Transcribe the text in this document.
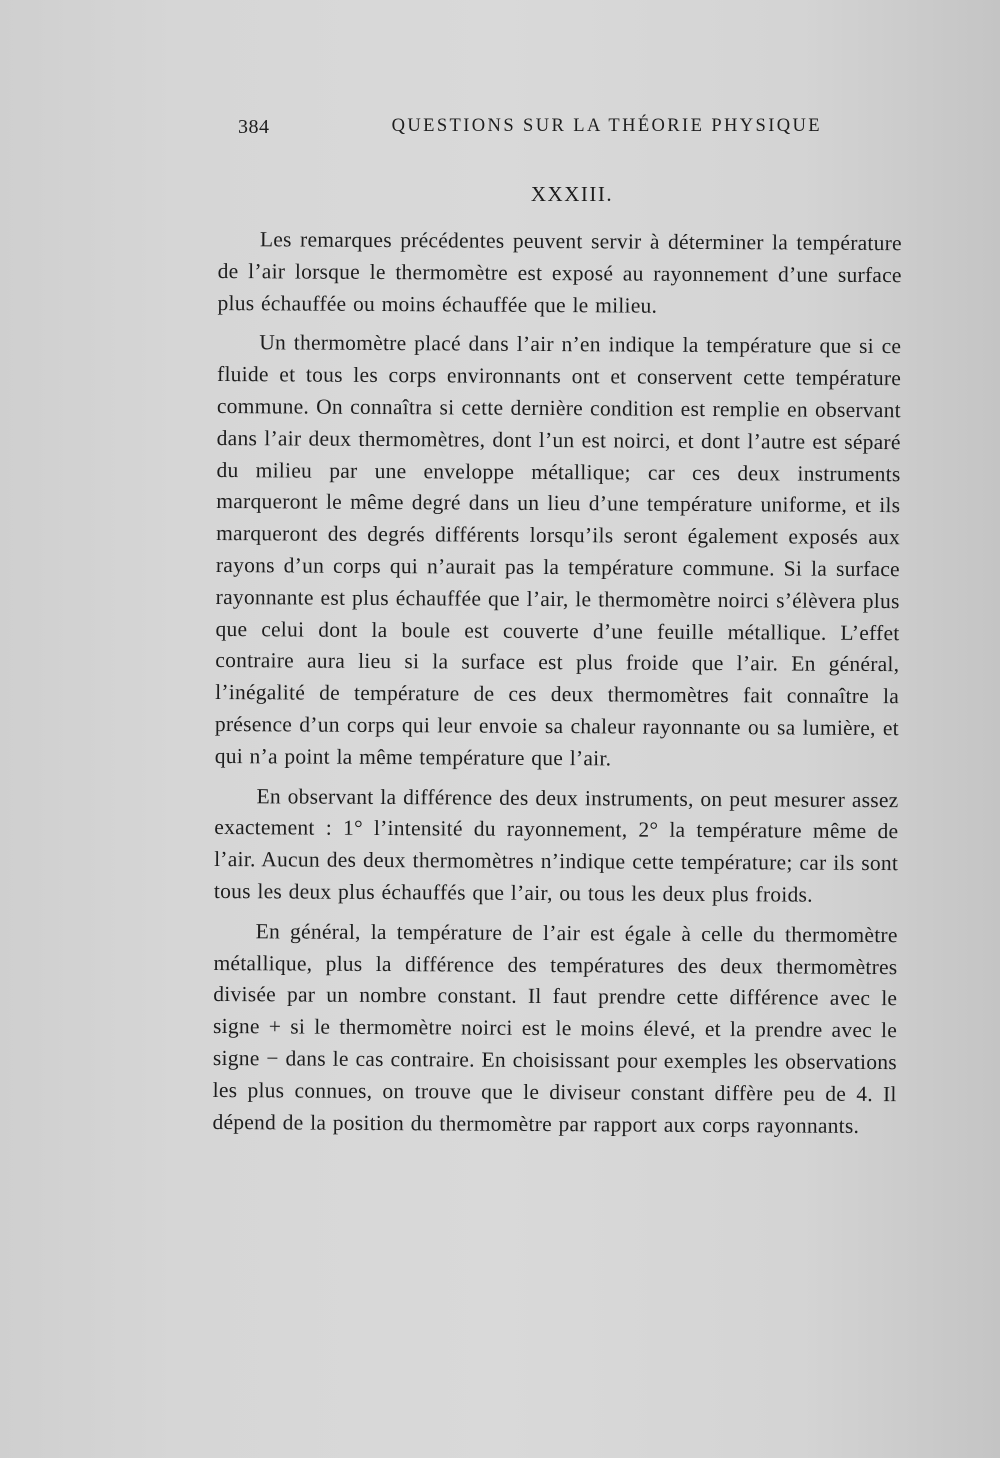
384	QUESTIONS SUR LA THÉORIE PHYSIQUE
XXXIII.

Les remarques précédentes peuvent servir à déterminer la température de l’air lorsque le thermomètre est exposé au rayonnement d’une surface plus échauffée ou moins échauffée que le milieu.

Un thermomètre placé dans l’air n’en indique la température que si ce fluide et tous les corps environnants ont et conservent cette température commune. On connaîtra si cette dernière condition est remplie en observant dans l’air deux thermomètres, dont l’un est noirci, et dont l’autre est séparé du milieu par une enveloppe métallique; car ces deux instruments marqueront le même degré dans un lieu d’une température uniforme, et ils marqueront des degrés différents lorsqu’ils seront également exposés aux rayons d’un corps qui n’aurait pas la température commune. Si la surface rayonnante est plus échauffée que l’air, le thermomètre noirci s’élèvera plus que celui dont la boule est couverte d’une feuille métallique. L’effet contraire aura lieu si la surface est plus froide que l’air. En général, l’inégalité de température de ces deux thermomètres fait connaître la présence d’un corps qui leur envoie sa chaleur rayonnante ou sa lumière, et qui n’a point la même température que l’air.

En observant la différence des deux instruments, on peut mesurer assez exactement : 1° l’intensité du rayonnement, 2° la température même de l’air. Aucun des deux thermomètres n’indique cette température; car ils sont tous les deux plus échauffés que l’air, ou tous les deux plus froids.

En général, la température de l’air est égale à celle du thermomètre métallique, plus la différence des températures des deux thermomètres divisée par un nombre constant. Il faut prendre cette différence avec le signe + si le thermomètre noirci est le moins élevé, et la prendre avec le signe − dans le cas contraire. En choisissant pour exemples les observations les plus connues, on trouve que le diviseur constant diffère peu de 4. Il dépend de la position du thermomètre par rapport aux corps rayonnants.
